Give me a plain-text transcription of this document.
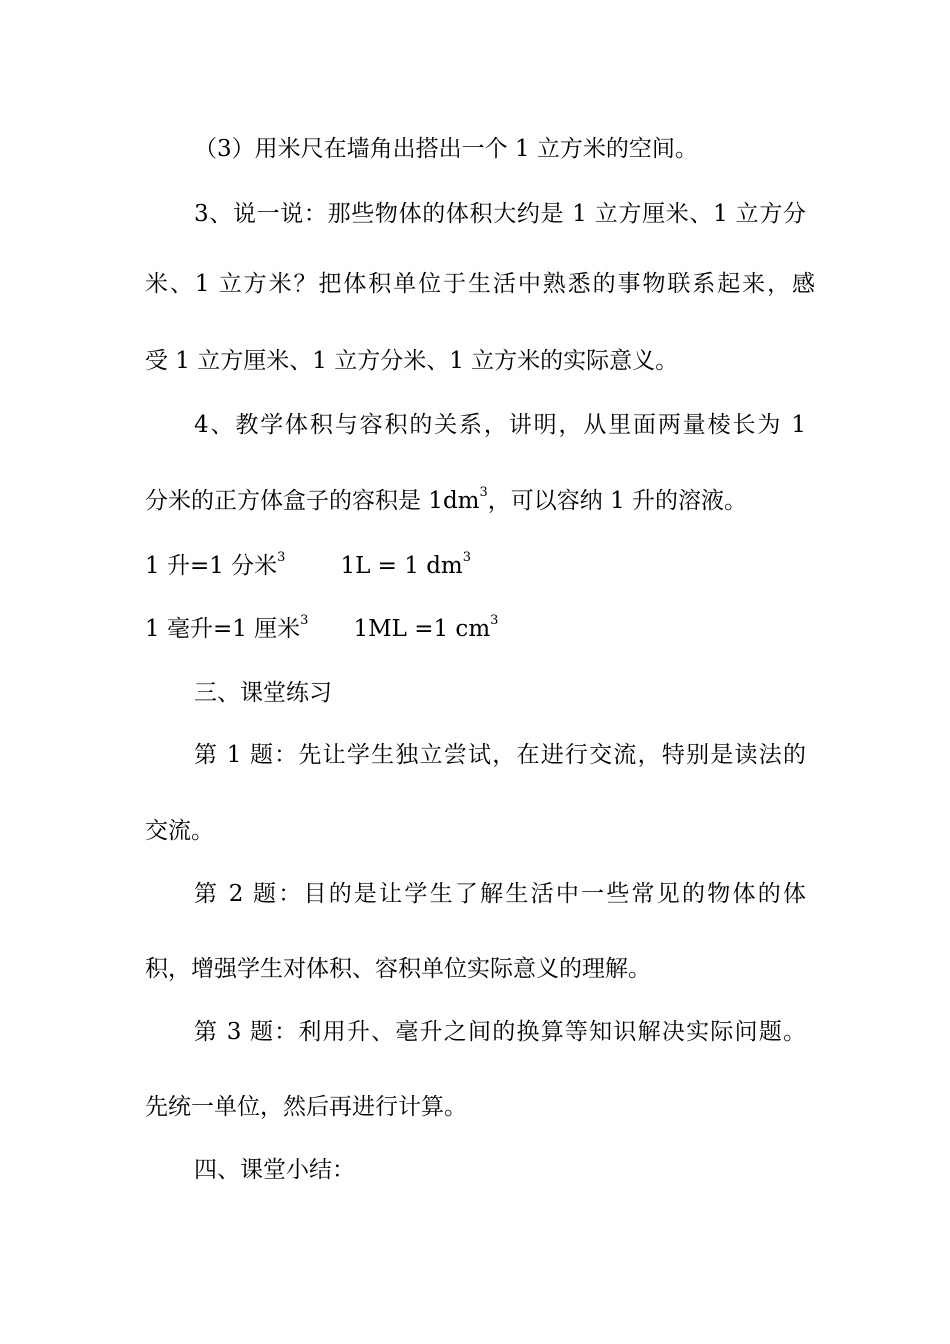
（3）用米尺在墙角出搭出一个 1 立方米的空间。
3、说一说：那些物体的体积大约是 1 立方厘米、1 立方分
米、1 立方米？把体积单位于生活中熟悉的事物联系起来，感
受 1 立方厘米、1 立方分米、1 立方米的实际意义。
4、教学体积与容积的关系，讲明，从里面两量棱长为 1
分米的正方体盒子的容积是 $1dm^3$，可以容纳 1 升的溶液。
1 升=1 分米$^3$ 1L = 1 $dm^3$
1 毫升=1 厘米$^3$ 1ML =1 $cm^3$
三、课堂练习
第 1 题：先让学生独立尝试，在进行交流，特别是读法的
交流。
第 2 题：目的是让学生了解生活中一些常见的物体的体
积，增强学生对体积、容积单位实际意义的理解。
第 3 题：利用升、毫升之间的换算等知识解决实际问题。
先统一单位，然后再进行计算。
四、课堂小结：
